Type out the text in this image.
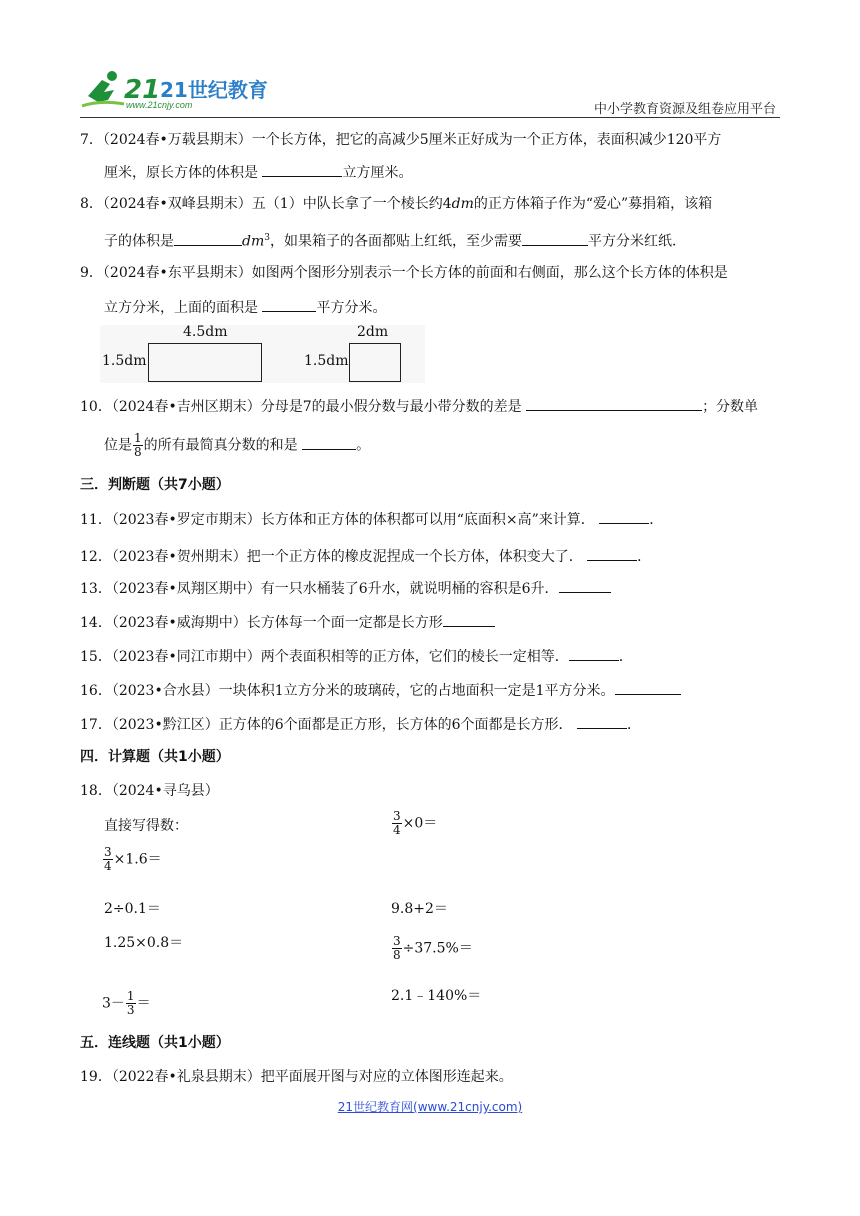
21 21世纪教育
www.21cnjy.com	中小学教育资源及组卷应用平台
7．（2024春•万载县期末）一个长方体，把它的高减少5厘米正好成为一个正方体，表面积减少120平方
厘米，原长方体的体积是	立方厘米。
8．（2024春•双峰县期末）五（1）中队长拿了一个棱长约4dm的正方体箱子作为“爱心”募捐箱，该箱
子的体积是	$dm^3$，如果箱子的各面都贴上红纸，至少需要	平方分米红纸．
9．（2024春•东平县期末）如图两个图形分别表示一个长方体的前面和右侧面，那么这个长方体的体积是
立方分米，上面的面积是	平方分米。
4.5dm
1.5dm
2dm
1.5dm
10．（2024春•吉州区期末）分母是7的最小假分数与最小带分数的差是	；分数单
位是 $\frac{1}{8}$ 的所有最简真分数的和是	。
三．判断题（共7小题）
11．（2023春•罗定市期末）长方体和正方体的体积都可以用“底面积×高”来计算．	．
12．（2023春•贺州期末）把一个正方体的橡皮泥捏成一个长方体，体积变大了．	．
13．（2023春•凤翔区期中）有一只水桶装了6升水，就说明桶的容积是6升．
14．（2023春•威海期中）长方体每一个面一定都是长方形
15．（2023春•同江市期中）两个表面积相等的正方体，它们的棱长一定相等．	．
16．（2023•合水县）一块体积1立方分米的玻璃砖，它的占地面积一定是1平方分米。
17．（2023•黔江区）正方体的6个面都是正方形，长方体的6个面都是长方形．	．
四．计算题（共1小题）
18．（2024•寻乌县）
直接写得数：	$\frac{3}{4} \times 0=$
$\frac{3}{4} \times 1.6=$
2÷0.1＝	9.8+2＝
1.25×0.8＝	$\frac{3}{8} \div 37.5\%=$
$3- \frac{1}{3}$ ＝	2.1﹣140%＝
五．连线题（共1小题）
19．（2022春•礼泉县期末）把平面展开图与对应的立体图形连起来。
21世纪教育网(www.21cnjy.com)
